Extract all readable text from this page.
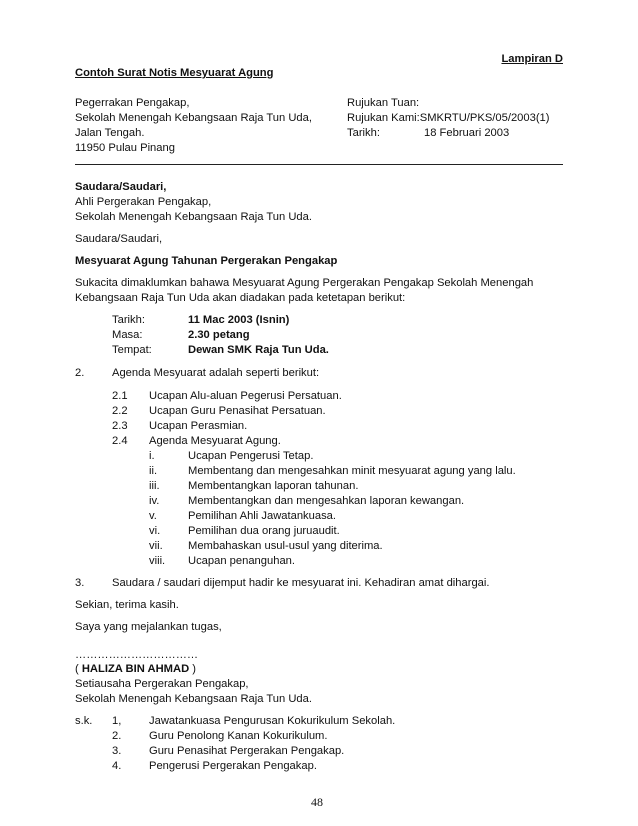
Lampiran D
Contoh Surat Notis Mesyuarat Agung
Pegerrakan Pengakap,
Sekolah Menengah Kebangsaan Raja Tun Uda,
Jalan Tengah.
11950 Pulau Pinang
Rujukan Tuan:
Rujukan Kami:SMKRTU/PKS/05/2003(1)
Tarikh:	18 Februari 2003
Saudara/Saudari,
Ahli Pergerakan Pengakap,
Sekolah Menengah Kebangsaan Raja Tun Uda.
Saudara/Saudari,
Mesyuarat Agung Tahunan Pergerakan Pengakap
Sukacita dimaklumkan bahawa Mesyuarat Agung Pergerakan Pengakap Sekolah Menengah
Kebangsaan Raja Tun Uda akan diadakan pada ketetapan berikut:
Tarikh:	11 Mac 2003 (Isnin)
Masa:	2.30 petang
Tempat:	Dewan SMK Raja Tun Uda.
2. Agenda Mesyuarat adalah seperti berikut:
2.1 Ucapan Alu-aluan Pegerusi Persatuan.
2.2 Ucapan Guru Penasihat Persatuan.
2.3 Ucapan Perasmian.
2.4 Agenda Mesyuarat Agung.
i.	Ucapan Pengerusi Tetap.
ii.	Membentang dan mengesahkan minit mesyuarat agung yang lalu.
iii.	Membentangkan laporan tahunan.
iv.	Membentangkan dan mengesahkan laporan kewangan.
v.	Pemilihan Ahli Jawatankuasa.
vi. Pemilihan dua orang juruaudit.
vii. Membahaskan usul-usul yang diterima.
viii. Ucapan penanguhan.
3. Saudara / saudari dijemput hadir ke mesyuarat ini. Kehadiran amat dihargai.
Sekian, terima kasih.
Saya yang mejalankan tugas,
……………………………
( HALIZA BIN AHMAD )
Setiausaha Pergerakan Pengakap,
Sekolah Menengah Kebangsaan Raja Tun Uda.
s.k. 1, Jawatankuasa Pengurusan Kokurikulum Sekolah.
2. Guru Penolong Kanan Kokurikulum.
3. Guru Penasihat Pergerakan Pengakap.
4. Pengerusi Pergerakan Pengakap.
48
